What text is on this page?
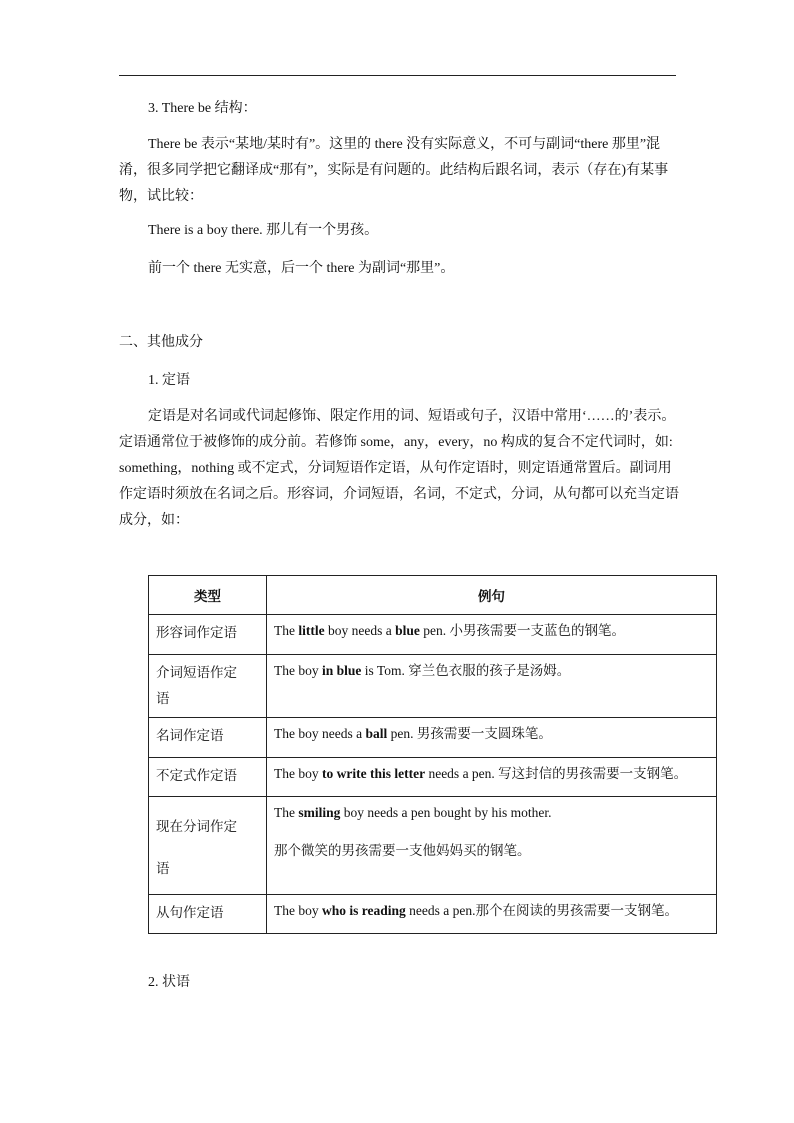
3. There be 结构：
There be 表示“某地/某时有”。这里的 there 没有实际意义，不可与副词“there 那里”混淆，很多同学把它翻译成“那有”，实际是有问题的。此结构后跟名词，表示（存在)有某事物，试比较：
There is a boy there. 那儿有一个男孩。
前一个 there 无实意，后一个 there 为副词“那里”。
二、其他成分
1. 定语
定语是对名词或代词起修饰、限定作用的词、短语或句子，汉语中常用‘……的’表示。定语通常位于被修饰的成分前。若修饰 some，any，every，no 构成的复合不定代词时，如: something，nothing 或不定式，分词短语作定语，从句作定语时，则定语通常置后。副词用作定语时须放在名词之后。形容词，介词短语，名词，不定式，分词，从句都可以充当定语成分，如：
类型	例句
形容词作定语	The little boy needs a blue pen. 小男孩需要一支蓝色的钢笔。

介词短语作定语	The boy in blue is Tom. 穿兰色衣服的孩子是汤姆。
名词作定语	The boy needs a ball pen. 男孩需要一支圆珠笔。
不定式作定语	The boy to write this letter needs a pen. 写这封信的男孩需要一支钢笔。

现在分词作定语	The smiling boy needs a pen bought by his mother.
那个微笑的男孩需要一支他妈妈买的钢笔。

从句作定语	The boy who is reading needs a pen.那个在阅读的男孩需要一支钢笔。
2. 状语
